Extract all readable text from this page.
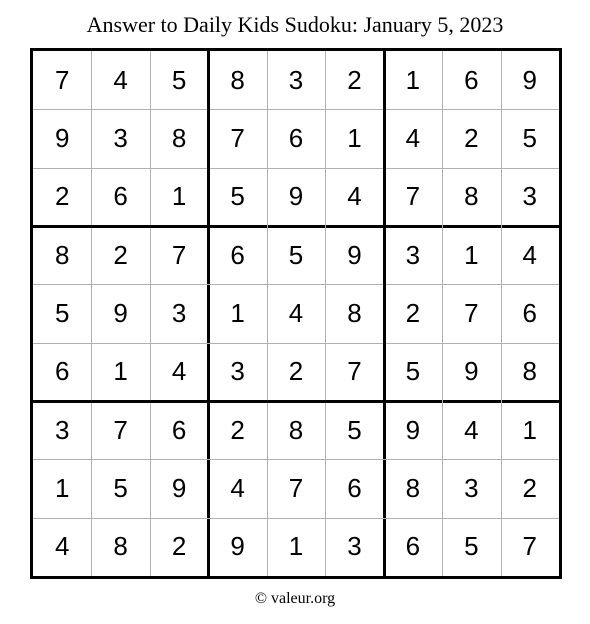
Answer to Daily Kids Sudoku: January 5, 2023
7	4	5	8	3	2	1	6	9
9	3	8	7	6	1	4	2	5
2	6	1	5	9	4	7	8	3
8	2	7	6	5	9	3	1	4
5	9	3	1	4	8	2	7	6
6	1	4	3	2	7	5	9	8
3	7	6	2	8	5	9	4	1
1	5	9	4	7	6	8	3	2
4	8	2	9	1	3	6	5	7
© valeur.org
